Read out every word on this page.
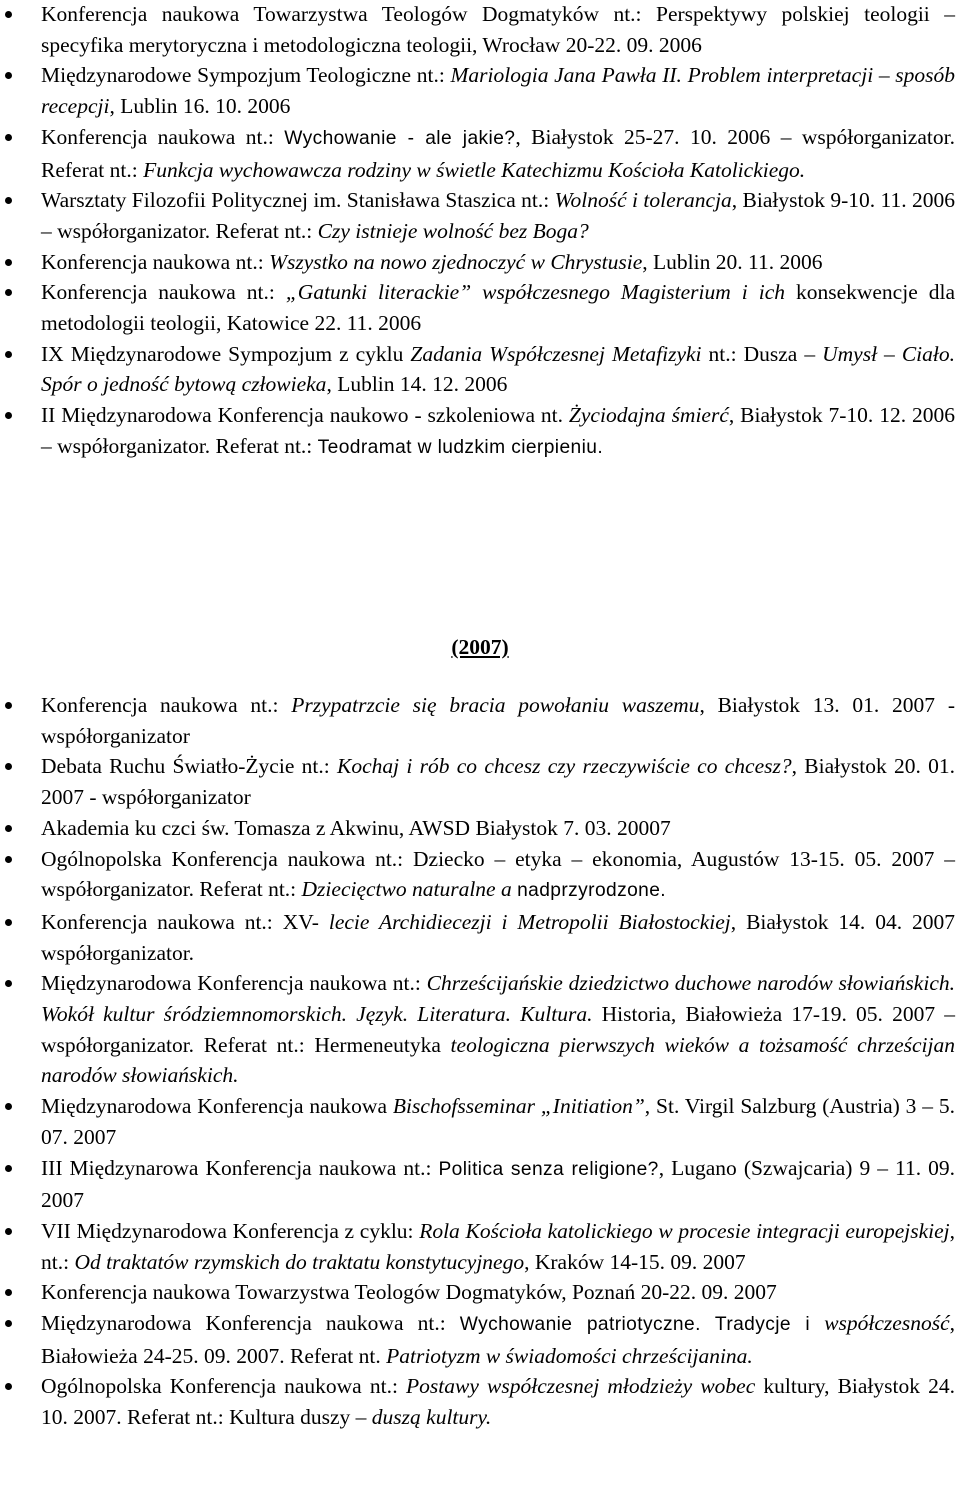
Konferencja naukowa Towarzystwa Teologów Dogmatyków nt.: Perspektywy polskiej teologii – specyfika merytoryczna i metodologiczna teologii, Wrocław 20-22. 09. 2006
Międzynarodowe Sympozjum Teologiczne nt.: Mariologia Jana Pawła II. Problem interpretacji – sposób recepcji, Lublin 16. 10. 2006
Konferencja naukowa nt.: Wychowanie - ale jakie?, Białystok 25-27. 10. 2006 – współorganizator. Referat nt.: Funkcja wychowawcza rodziny w świetle Katechizmu Kościoła Katolickiego.
Warsztaty Filozofii Politycznej im. Stanisława Staszica nt.: Wolność i tolerancja, Białystok 9-10. 11. 2006 – współorganizator. Referat nt.: Czy istnieje wolność bez Boga?
Konferencja naukowa nt.: Wszystko na nowo zjednoczyć w Chrystusie, Lublin 20. 11. 2006
Konferencja naukowa nt.: „Gatunki literackie” współczesnego Magisterium i ich konsekwencje dla metodologii teologii, Katowice 22. 11. 2006
IX Międzynarodowe Sympozjum z cyklu Zadania Współczesnej Metafizyki nt.: Dusza – Umysł – Ciało. Spór o jedność bytową człowieka, Lublin 14. 12. 2006
II Międzynarodowa Konferencja naukowo - szkoleniowa nt. Życiodajna śmierć, Białystok 7-10. 12. 2006 – współorganizator. Referat nt.: Teodramat w ludzkim cierpieniu.
(2007)
Konferencja naukowa nt.: Przypatrzcie się bracia powołaniu waszemu, Białystok 13. 01. 2007 - współorganizator
Debata Ruchu Światło-Życie nt.: Kochaj i rób co chcesz czy rzeczywiście co chcesz?, Białystok 20. 01. 2007 - współorganizator
Akademia ku czci św. Tomasza z Akwinu, AWSD Białystok 7. 03. 20007
Ogólnopolska Konferencja naukowa nt.: Dziecko – etyka – ekonomia, Augustów 13-15. 05. 2007 – współorganizator. Referat nt.: Dziecięctwo naturalne a nadprzyrodzone.
Konferencja naukowa nt.: XV- lecie Archidiecezji i Metropolii Białostockiej, Białystok 14. 04. 2007 współorganizator.
Międzynarodowa Konferencja naukowa nt.: Chrześcijańskie dziedzictwo duchowe narodów słowiańskich. Wokół kultur śródziemnomorskich. Język. Literatura. Kultura. Historia, Białowieża 17-19. 05. 2007 –współorganizator. Referat nt.: Hermeneutyka teologiczna pierwszych wieków a tożsamość chrześcijan narodów słowiańskich.
Międzynarodowa Konferencja naukowa Bischofsseminar „Initiation”, St. Virgil Salzburg (Austria) 3 – 5. 07. 2007
III Międzynarowa Konferencja naukowa nt.: Politica senza religione?, Lugano (Szwajcaria) 9 – 11. 09. 2007
VII Międzynarodowa Konferencja z cyklu: Rola Kościoła katolickiego w procesie integracji europejskiej, nt.: Od traktatów rzymskich do traktatu konstytucyjnego, Kraków 14-15. 09. 2007
Konferencja naukowa Towarzystwa Teologów Dogmatyków, Poznań 20-22. 09. 2007
Międzynarodowa Konferencja naukowa nt.: Wychowanie patriotyczne. Tradycje i współczesność, Białowieża 24-25. 09. 2007. Referat nt. Patriotyzm w świadomości chrześcijanina.
Ogólnopolska Konferencja naukowa nt.: Postawy współczesnej młodzieży wobec kultury, Białystok 24. 10. 2007. Referat nt.: Kultura duszy – duszą kultury.
